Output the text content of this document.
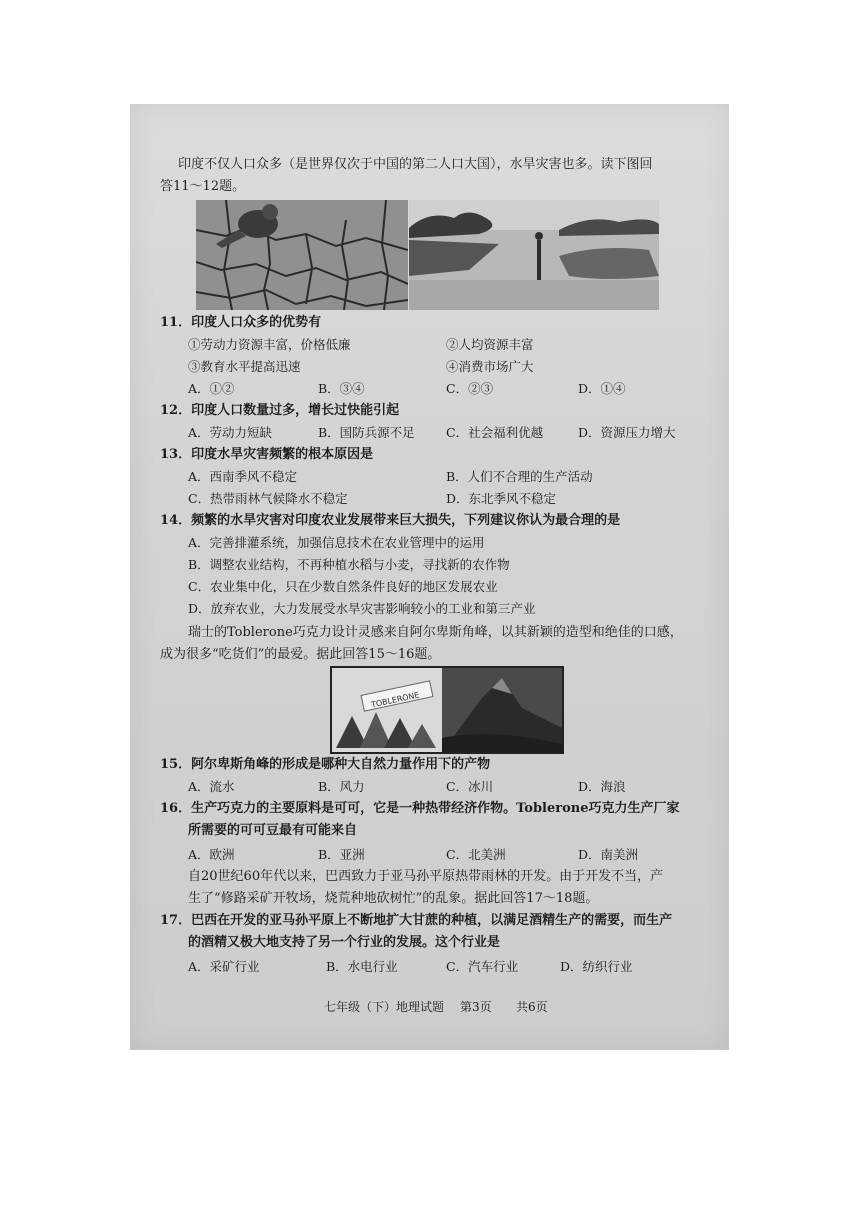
印度不仅人口众多（是世界仅次于中国的第二人口大国），水旱灾害也多。读下图回
答11～12题。
11．印度人口众多的优势有
①劳动力资源丰富，价格低廉	②人均资源丰富
③教育水平提高迅速	④消费市场广大
A．①②	B．③④	C．②③	D．①④
12．印度人口数量过多，增长过快能引起
A．劳动力短缺	B．国防兵源不足	C．社会福利优越	D．资源压力增大
13．印度水旱灾害频繁的根本原因是
A．西南季风不稳定	B．人们不合理的生产活动
C．热带雨林气候降水不稳定	D．东北季风不稳定
14．频繁的水旱灾害对印度农业发展带来巨大损失，下列建议你认为最合理的是
A．完善排灌系统，加强信息技术在农业管理中的运用
B．调整农业结构，不再种植水稻与小麦，寻找新的农作物
C．农业集中化，只在少数自然条件良好的地区发展农业
D．放弃农业，大力发展受水旱灾害影响较小的工业和第三产业
瑞士的Toblerone巧克力设计灵感来自阿尔卑斯角峰，以其新颖的造型和绝佳的口感，
成为很多“吃货们”的最爱。据此回答15～16题。
TOBLERONE
15．阿尔卑斯角峰的形成是哪种大自然力量作用下的产物
A．流水	B．风力	C．冰川	D．海浪
16．生产巧克力的主要原料是可可，它是一种热带经济作物。Toblerone巧克力生产厂家
所需要的可可豆最有可能来自
A．欧洲	B．亚洲	C．北美洲	D．南美洲
自20世纪60年代以来，巴西致力于亚马孙平原热带雨林的开发。由于开发不当，产
生了“修路采矿开牧场，烧荒种地砍树忙”的乱象。据此回答17～18题。
17．巴西在开发的亚马孙平原上不断地扩大甘蔗的种植，以满足酒精生产的需要，而生产
的酒精又极大地支持了另一个行业的发展。这个行业是
A．采矿行业	B．水电行业	C．汽车行业	D．纺织行业
七年级（下）地理试题 第3页 共6页
